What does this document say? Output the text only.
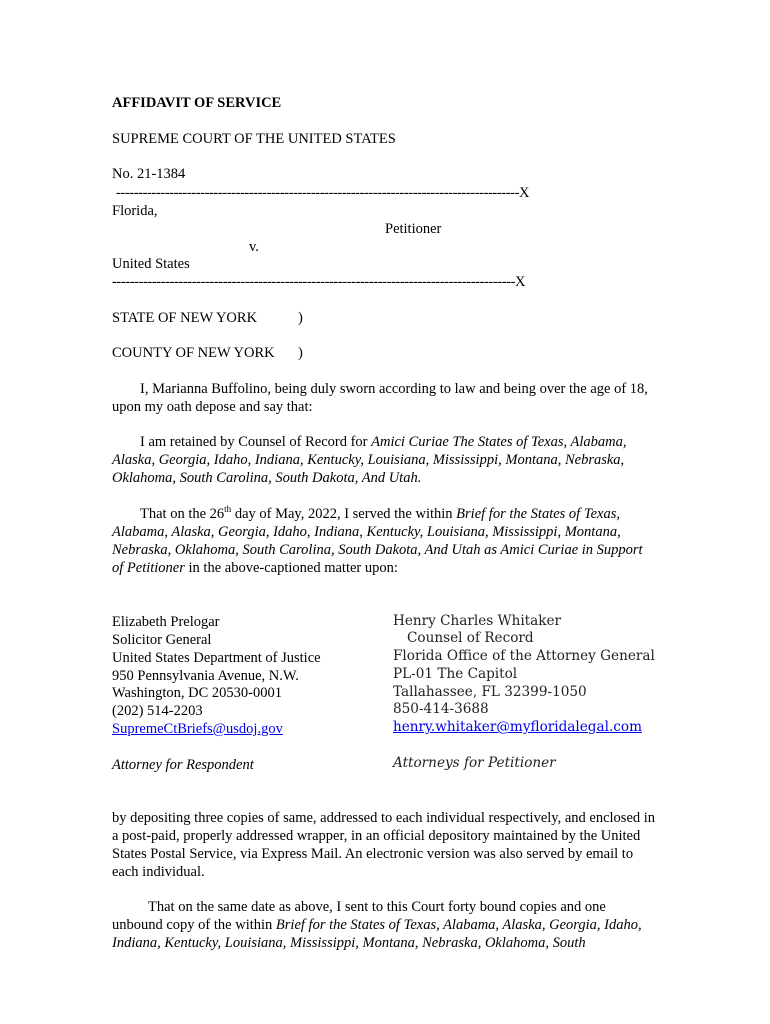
AFFIDAVIT OF SERVICE
SUPREME COURT OF THE UNITED STATES
No. 21-1384
-------------------------------------------------------------------------------------------X
Florida,
Petitioner
v.
United States
-------------------------------------------------------------------------------------------X
STATE OF NEW YORK	)
COUNTY OF NEW YORK )
I, Marianna Buffolino, being duly sworn according to law and being over the age of 18, upon my oath depose and say that:
I am retained by Counsel of Record for Amici Curiae The States of Texas, Alabama, Alaska, Georgia, Idaho, Indiana, Kentucky, Louisiana, Mississippi, Montana, Nebraska, Oklahoma, South Carolina, South Dakota, And Utah.
That on the 26th day of May, 2022, I served the within Brief for the States of Texas, Alabama, Alaska, Georgia, Idaho, Indiana, Kentucky, Louisiana, Mississippi, Montana, Nebraska, Oklahoma, South Carolina, South Dakota, And Utah as Amici Curiae in Support of Petitioner in the above-captioned matter upon:
Elizabeth Prelogar
Solicitor General
United States Department of Justice
950 Pennsylvania Avenue, N.W.
Washington, DC 20530-0001
(202) 514-2203
SupremeCtBriefs@usdoj.gov
Attorney for Respondent
Henry Charles Whitaker
Counsel of Record
Florida Office of the Attorney General
PL-01 The Capitol
Tallahassee, FL 32399-1050
850-414-3688
henry.whitaker@myfloridalegal.com
Attorneys for Petitioner
by depositing three copies of same, addressed to each individual respectively, and enclosed in a post-paid, properly addressed wrapper, in an official depository maintained by the United States Postal Service, via Express Mail. An electronic version was also served by email to each individual.
That on the same date as above, I sent to this Court forty bound copies and one unbound copy of the within Brief for the States of Texas, Alabama, Alaska, Georgia, Idaho, Indiana, Kentucky, Louisiana, Mississippi, Montana, Nebraska, Oklahoma, South
